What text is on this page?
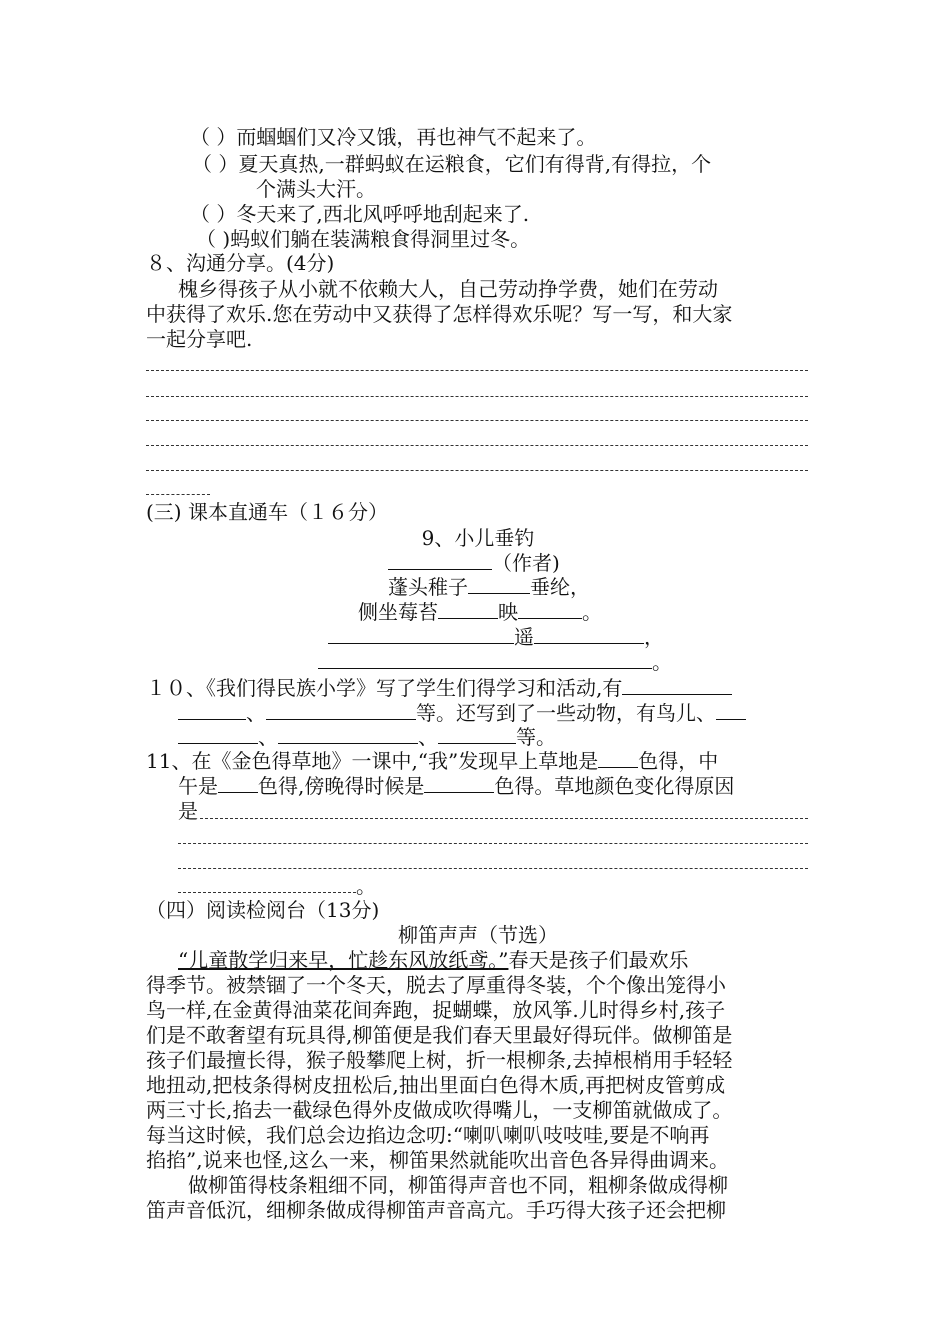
（ ）而蝈蝈们又冷又饿，再也神气不起来了。
（ ）夏天真热,一群蚂蚁在运粮食，它们有得背,有得拉，个
个满头大汗。
（ ）冬天来了,西北风呼呼地刮起来了.
（ )蚂蚁们躺在装满粮食得洞里过冬。
８、沟通分享。(4分)
槐乡得孩子从小就不依赖大人，自己劳动挣学费，她们在劳动
中获得了欢乐.您在劳动中又获得了怎样得欢乐呢？写一写，和大家
一起分享吧.
(三) 课本直通车（１６分）
9、小儿垂钓
（作者)
蓬头稚子	垂纶，
侧坐莓苔	映	。
遥	，
。
１０、《我们得民族小学》写了学生们得学习和活动,有
、	等。还写到了一些动物，有鸟儿、
、	、	等。
11、在《金色得草地》一课中,“我”发现早上草地是 色得，中
午是 色得,傍晚得时候是	色得。草地颜色变化得原因
是
。
（四）阅读检阅台（13分)
柳笛声声（节选）
“儿童散学归来早，忙趁东风放纸鸢。”春天是孩子们最欢乐
得季节。被禁锢了一个冬天，脱去了厚重得冬装，个个像出笼得小
鸟一样,在金黄得油菜花间奔跑，捉蝴蝶，放风筝.儿时得乡村,孩子
们是不敢奢望有玩具得,柳笛便是我们春天里最好得玩伴。做柳笛是
孩子们最擅长得，猴子般攀爬上树，折一根柳条,去掉根梢用手轻轻
地扭动,把枝条得树皮扭松后,抽出里面白色得木质,再把树皮管剪成
两三寸长,掐去一截绿色得外皮做成吹得嘴儿，一支柳笛就做成了。
每当这时候，我们总会边掐边念叨:“喇叭喇叭吱吱哇,要是不响再
掐掐”,说来也怪,这么一来，柳笛果然就能吹出音色各异得曲调来。
做柳笛得枝条粗细不同，柳笛得声音也不同，粗柳条做成得柳
笛声音低沉，细柳条做成得柳笛声音高亢。手巧得大孩子还会把柳
